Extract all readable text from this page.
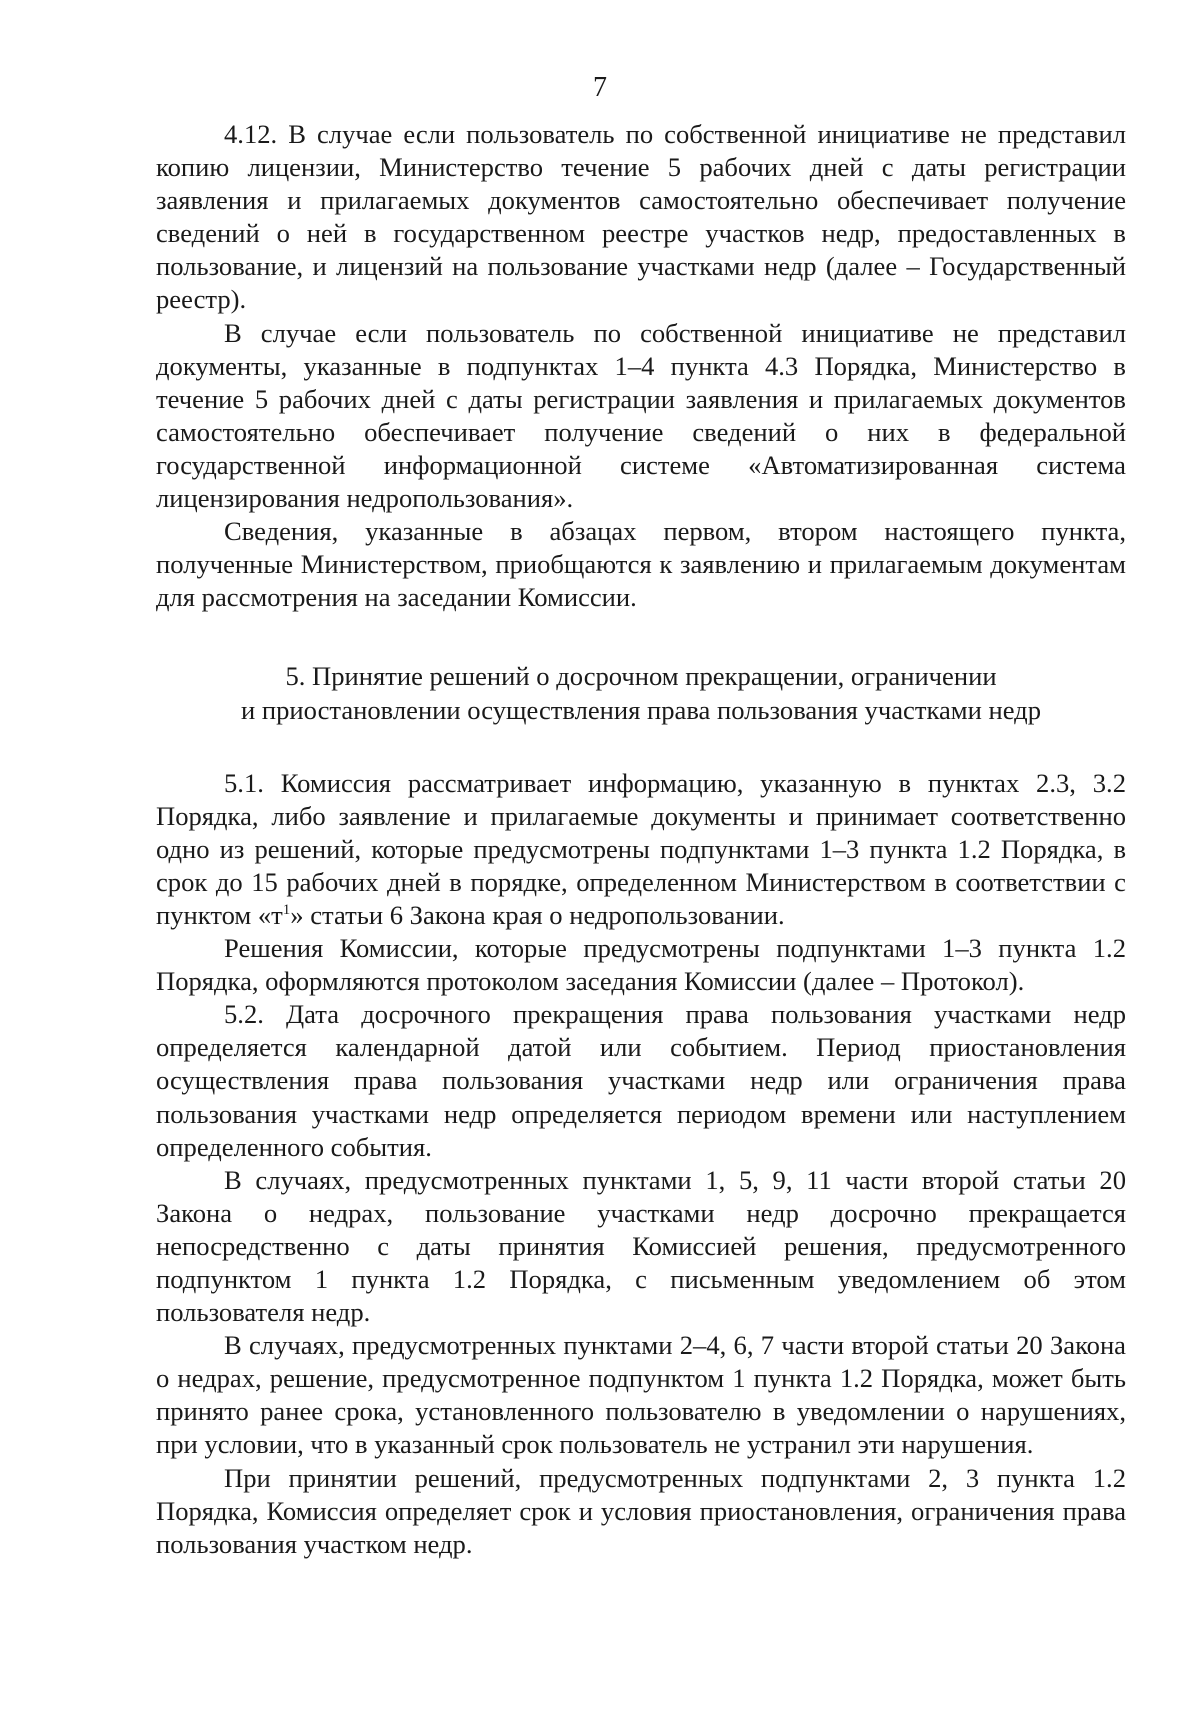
7

4.12. В случае если пользователь по собственной инициативе не представил копию лицензии, Министерство течение 5 рабочих дней с даты регистрации заявления и прилагаемых документов самостоятельно обеспечивает получение сведений о ней в государственном реестре участков недр, предоставленных в пользование, и лицензий на пользование участками недр (далее – Государственный реестр).

В случае если пользователь по собственной инициативе не представил документы, указанные в подпунктах 1–4 пункта 4.3 Порядка, Министерство в течение 5 рабочих дней с даты регистрации заявления и прилагаемых документов самостоятельно обеспечивает получение сведений о них в федеральной государственной информационной системе «Автоматизированная система лицензирования недропользования».

Сведения, указанные в абзацах первом, втором настоящего пункта, полученные Министерством, приобщаются к заявлению и прилагаемым документам для рассмотрения на заседании Комиссии.

5. Принятие решений о досрочном прекращении, ограничении
и приостановлении осуществления права пользования участками недр

5.1. Комиссия рассматривает информацию, указанную в пунктах 2.3, 3.2 Порядка, либо заявление и прилагаемые документы и принимает соответственно одно из решений, которые предусмотрены подпунктами 1–3 пункта 1.2 Порядка, в срок до 15 рабочих дней в порядке, определенном Министерством в соответствии с пунктом «$т^1$» статьи 6 Закона края о недропользовании.

Решения Комиссии, которые предусмотрены подпунктами 1–3 пункта 1.2 Порядка, оформляются протоколом заседания Комиссии (далее – Протокол).

5.2. Дата досрочного прекращения права пользования участками недр определяется календарной датой или событием. Период приостановления осуществления права пользования участками недр или ограничения права пользования участками недр определяется периодом времени или наступлением определенного события.

В случаях, предусмотренных пунктами 1, 5, 9, 11 части второй статьи 20 Закона о недрах, пользование участками недр досрочно прекращается непосредственно с даты принятия Комиссией решения, предусмотренного подпунктом 1 пункта 1.2 Порядка, с письменным уведомлением об этом пользователя недр.

В случаях, предусмотренных пунктами 2–4, 6, 7 части второй статьи 20 Закона о недрах, решение, предусмотренное подпунктом 1 пункта 1.2 Порядка, может быть принято ранее срока, установленного пользователю в уведомлении о нарушениях, при условии, что в указанный срок пользователь не устранил эти нарушения.

При принятии решений, предусмотренных подпунктами 2, 3 пункта 1.2 Порядка, Комиссия определяет срок и условия приостановления, ограничения права пользования участком недр.
